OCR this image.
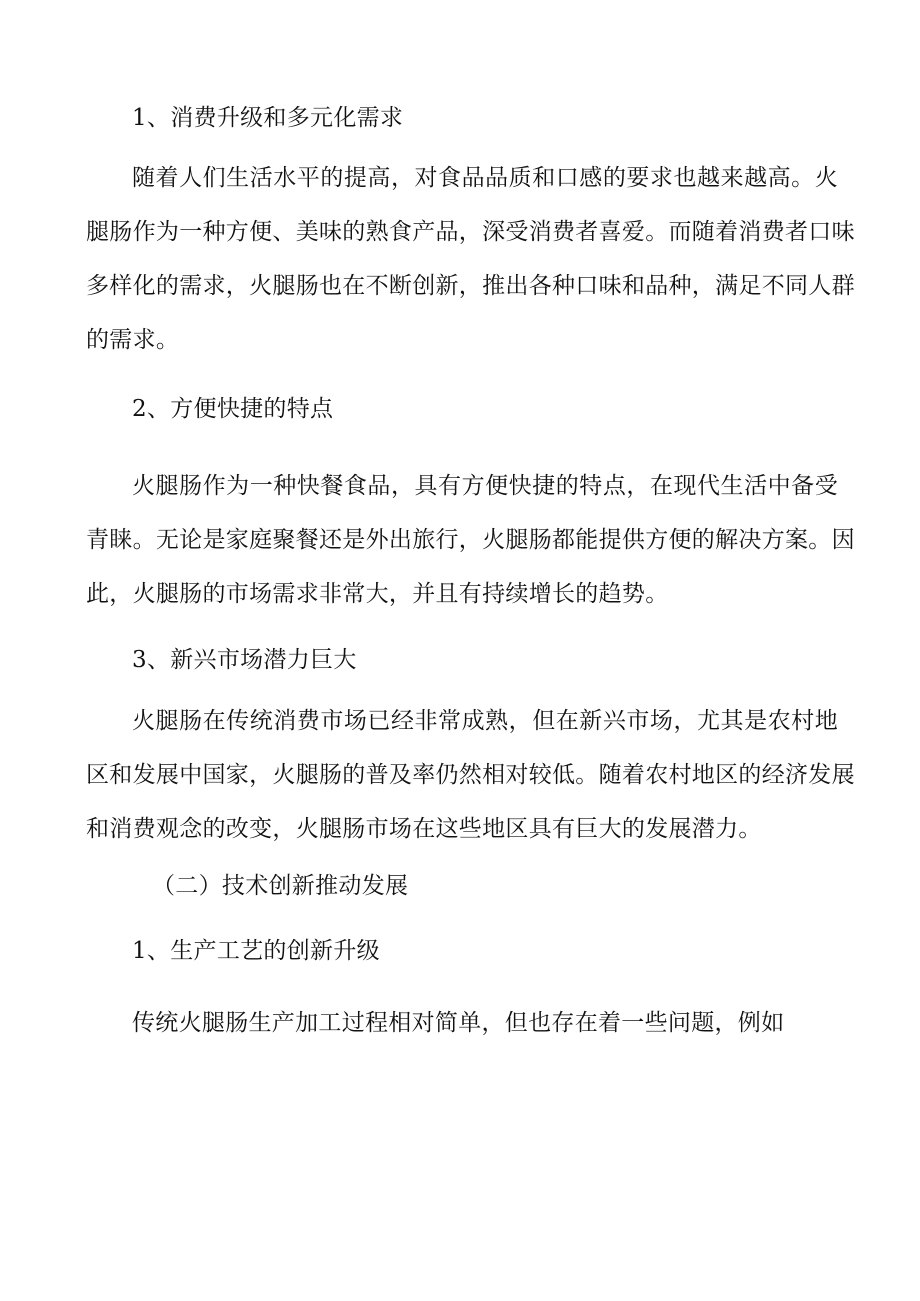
1、消费升级和多元化需求
随着人们生活水平的提高，对食品品质和口感的要求也越来越高。火
腿肠作为一种方便、美味的熟食产品，深受消费者喜爱。而随着消费者口味
多样化的需求，火腿肠也在不断创新，推出各种口味和品种，满足不同人群
的需求。
2、方便快捷的特点
火腿肠作为一种快餐食品，具有方便快捷的特点，在现代生活中备受
青睐。无论是家庭聚餐还是外出旅行，火腿肠都能提供方便的解决方案。因
此，火腿肠的市场需求非常大，并且有持续增长的趋势。
3、新兴市场潜力巨大
火腿肠在传统消费市场已经非常成熟，但在新兴市场，尤其是农村地
区和发展中国家，火腿肠的普及率仍然相对较低。随着农村地区的经济发展
和消费观念的改变，火腿肠市场在这些地区具有巨大的发展潜力。
（二）技术创新推动发展
1、生产工艺的创新升级
传统火腿肠生产加工过程相对简单，但也存在着一些问题，例如
